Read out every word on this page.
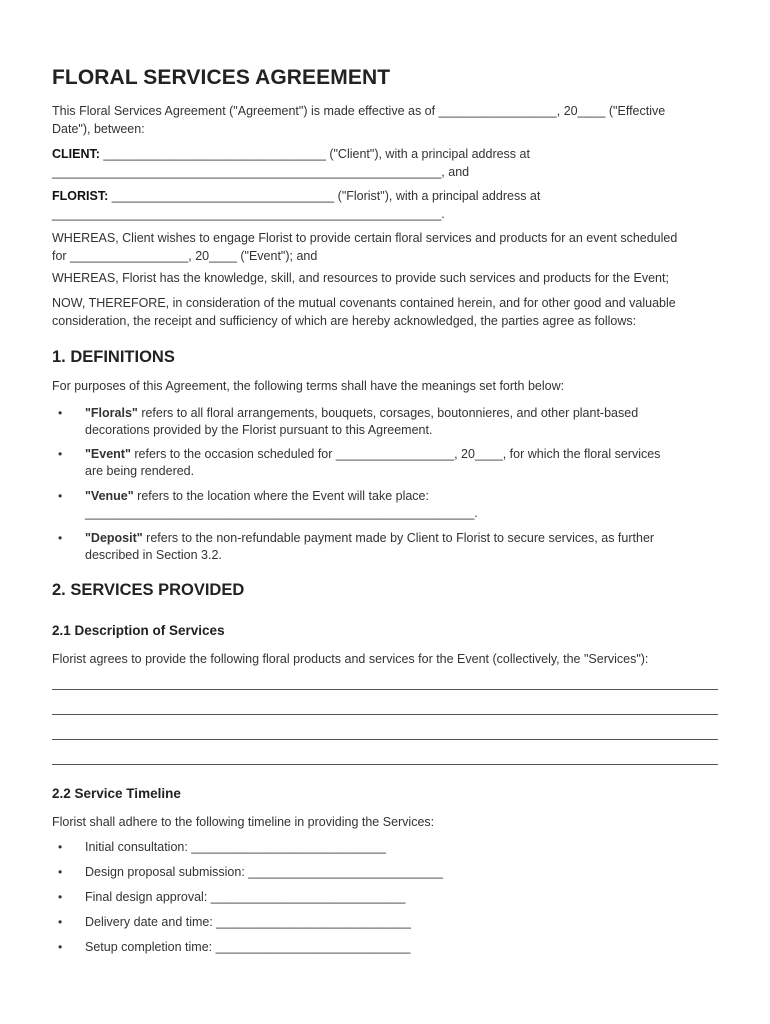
FLORAL SERVICES AGREEMENT
This Floral Services Agreement ("Agreement") is made effective as of _________________, 20____ ("Effective
Date"), between:
CLIENT: ________________________________ ("Client"), with a principal address at
________________________________________________________, and
FLORIST: ________________________________ ("Florist"), with a principal address at
________________________________________________________.
WHEREAS, Client wishes to engage Florist to provide certain floral services and products for an event scheduled
for _________________, 20____ ("Event"); and
WHEREAS, Florist has the knowledge, skill, and resources to provide such services and products for the Event;
NOW, THEREFORE, in consideration of the mutual covenants contained herein, and for other good and valuable
consideration, the receipt and sufficiency of which are hereby acknowledged, the parties agree as follows:
1. DEFINITIONS
For purposes of this Agreement, the following terms shall have the meanings set forth below:
• "Florals" refers to all floral arrangements, bouquets, corsages, boutonnieres, and other plant-based
decorations provided by the Florist pursuant to this Agreement.
• "Event" refers to the occasion scheduled for _________________, 20____, for which the floral services
are being rendered.
• "Venue" refers to the location where the Event will take place:
________________________________________________________.
• "Deposit" refers to the non-refundable payment made by Client to Florist to secure services, as further
described in Section 3.2.
2. SERVICES PROVIDED
2.1 Description of Services
Florist agrees to provide the following floral products and services for the Event (collectively, the "Services"):
2.2 Service Timeline
Florist shall adhere to the following timeline in providing the Services:
• Initial consultation: ____________________________
• Design proposal submission: ____________________________
• Final design approval: ____________________________
• Delivery date and time: ____________________________
• Setup completion time: ____________________________
